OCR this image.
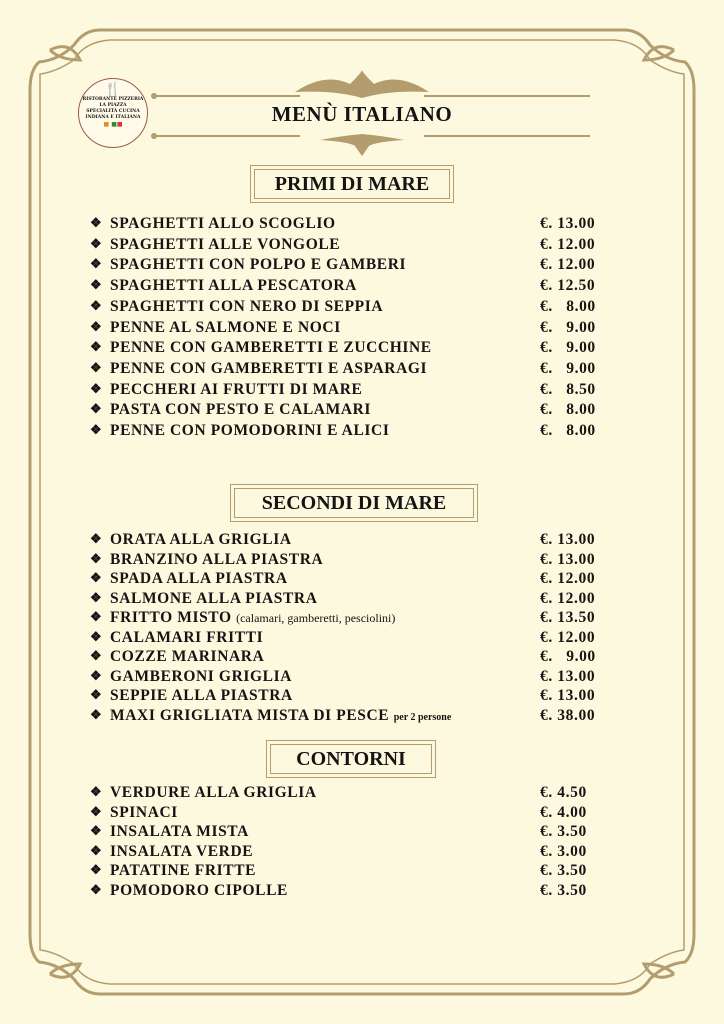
🍴
RISTORANTE PIZZERIA
LA PIAZZA
SPECIALITÀ CUCINA
INDIANA E ITALIANA
■ ■■	MENÙ ITALIANO
PRIMI DI MARE
SECONDI DI MARE
CONTORNI
❖ SPAGHETTI ALLO SCOGLIO	€. 13.00
❖ SPAGHETTI ALLE VONGOLE	€. 12.00
❖ SPAGHETTI CON POLPO E GAMBERI	€. 12.00
❖ SPAGHETTI ALLA PESCATORA	€. 12.50
❖ SPAGHETTI CON NERO DI SEPPIA	€.   8.00
❖ PENNE AL SALMONE E NOCI	€.   9.00
❖ PENNE CON GAMBERETTI E ZUCCHINE	€.   9.00
❖ PENNE CON GAMBERETTI E ASPARAGI	€.   9.00
❖ PECCHERI AI FRUTTI DI MARE	€.   8.50
❖ PASTA CON PESTO E CALAMARI	€.   8.00
❖ PENNE CON POMODORINI E ALICI	€.   8.00
❖ ORATA ALLA GRIGLIA	€. 13.00
❖ BRANZINO ALLA PIASTRA	€. 13.00
❖ SPADA ALLA PIASTRA	€. 12.00
❖ SALMONE ALLA PIASTRA	€. 12.00
❖ FRITTO MISTO (calamari, gamberetti, pesciolini)	€. 13.50
❖ CALAMARI FRITTI	€. 12.00
❖ COZZE MARINARA	€.   9.00
❖ GAMBERONI GRIGLIA	€. 13.00
❖ SEPPIE ALLA PIASTRA	€. 13.00
❖ MAXI GRIGLIATA MISTA DI PESCE per 2 persone	€. 38.00
❖ VERDURE ALLA GRIGLIA	€. 4.50
❖ SPINACI	€. 4.00
❖ INSALATA MISTA	€. 3.50
❖ INSALATA VERDE	€. 3.00
❖ PATATINE FRITTE	€. 3.50
❖ POMODORO CIPOLLE	€. 3.50
